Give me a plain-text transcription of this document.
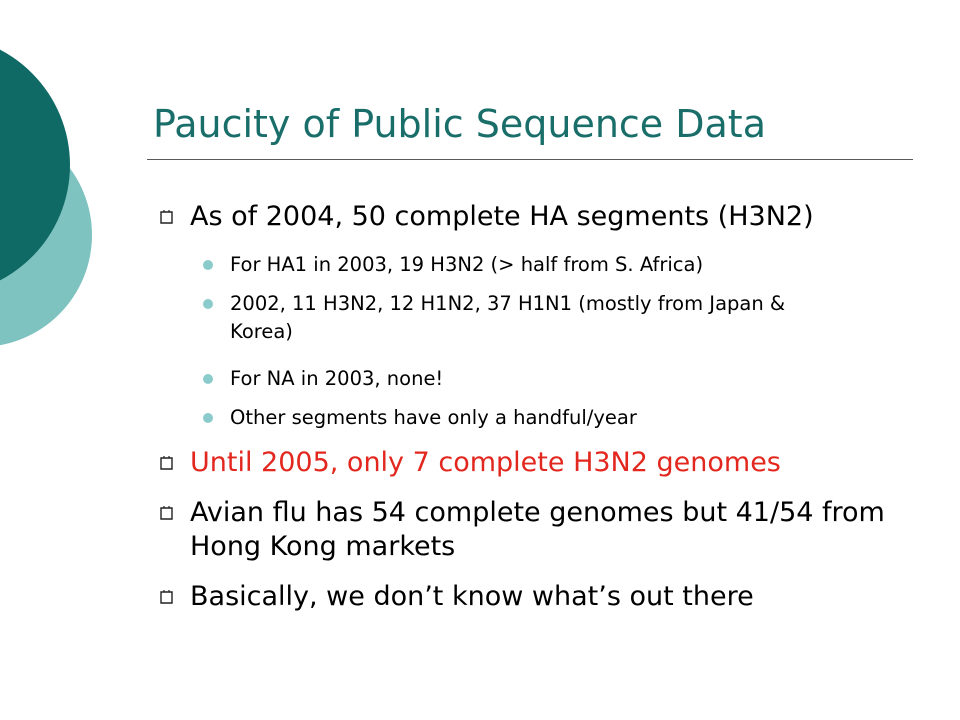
Paucity of Public Sequence Data
As of 2004, 50 complete HA segments (H3N2)
For HA1 in 2003, 19 H3N2 (> half from S. Africa)
2002, 11 H3N2, 12 H1N2, 37 H1N1 (mostly from Japan & Korea)
For NA in 2003, none!
Other segments have only a handful/year
Until 2005, only 7 complete H3N2 genomes
Avian flu has 54 complete genomes but 41/54 from Hong Kong markets
Basically, we don’t know what’s out there
